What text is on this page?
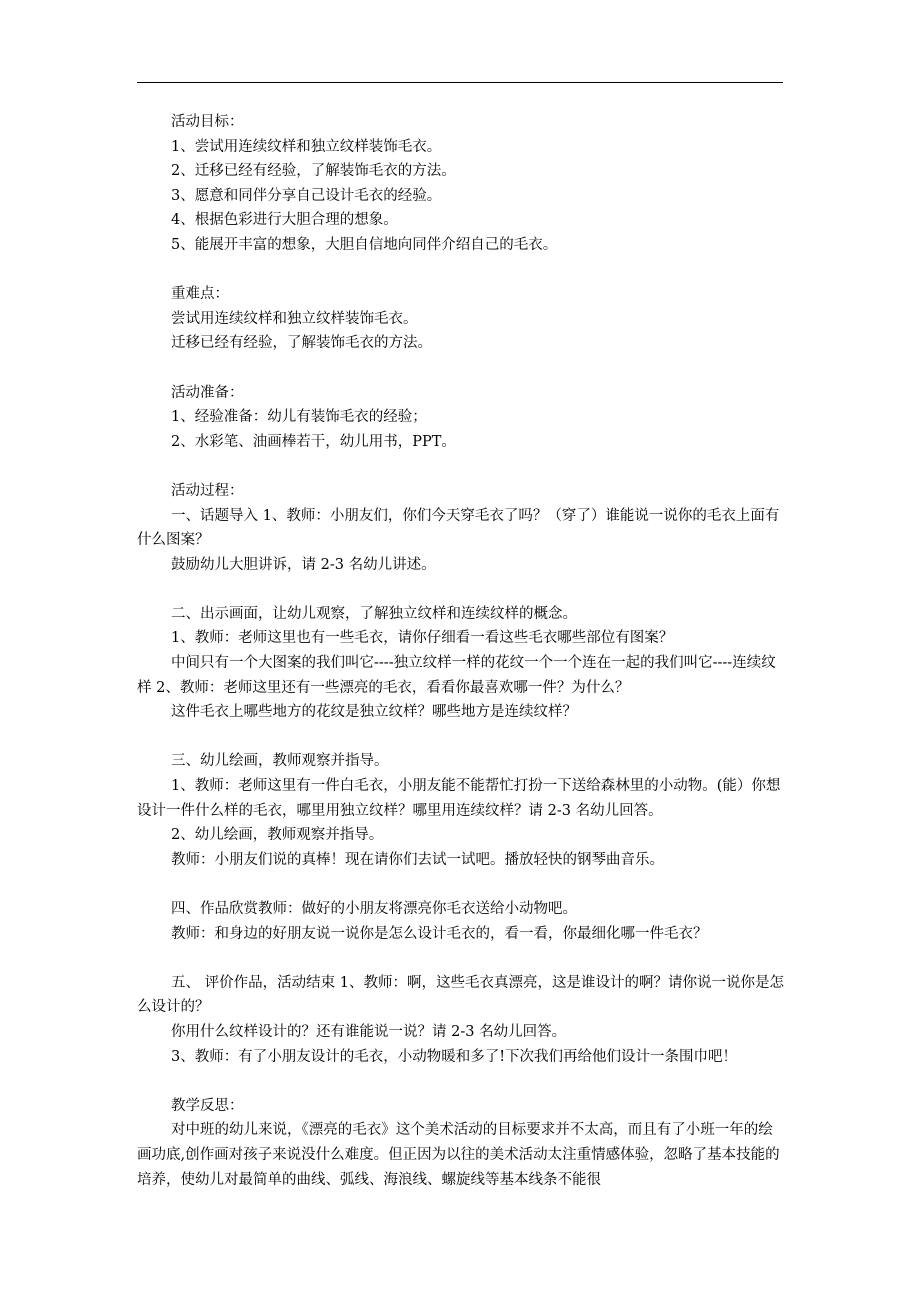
活动目标：

1、尝试用连续纹样和独立纹样装饰毛衣。

2、迁移已经有经验，了解装饰毛衣的方法。

3、愿意和同伴分享自己设计毛衣的经验。

4、根据色彩进行大胆合理的想象。

5、能展开丰富的想象，大胆自信地向同伴介绍自己的毛衣。

重难点：

尝试用连续纹样和独立纹样装饰毛衣。

迁移已经有经验，了解装饰毛衣的方法。

活动准备：

1、经验准备：幼儿有装饰毛衣的经验；

2、水彩笔、油画棒若干，幼儿用书，PPT。

活动过程：

一、话题导入 1、教师：小朋友们，你们今天穿毛衣了吗？（穿了）谁能说一说你的毛衣上面有什么图案？

鼓励幼儿大胆讲诉，请 2-3 名幼儿讲述。

二、出示画面，让幼儿观察，了解独立纹样和连续纹样的概念。

1、教师：老师这里也有一些毛衣，请你仔细看一看这些毛衣哪些部位有图案？

中间只有一个大图案的我们叫它----独立纹样一样的花纹一个一个连在一起的我们叫它----连续纹样 2、教师：老师这里还有一些漂亮的毛衣，看看你最喜欢哪一件？为什么？

这件毛衣上哪些地方的花纹是独立纹样？哪些地方是连续纹样？

三、幼儿绘画，教师观察并指导。

1、教师：老师这里有一件白毛衣，小朋友能不能帮忙打扮一下送给森林里的小动物。(能）你想设计一件什么样的毛衣，哪里用独立纹样？哪里用连续纹样？请 2-3 名幼儿回答。

2、幼儿绘画，教师观察并指导。

教师：小朋友们说的真棒！现在请你们去试一试吧。播放轻快的钢琴曲音乐。

四、作品欣赏教师：做好的小朋友将漂亮你毛衣送给小动物吧。

教师：和身边的好朋友说一说你是怎么设计毛衣的，看一看，你最细化哪一件毛衣？

五、 评价作品，活动结束 1、教师：啊，这些毛衣真漂亮，这是谁设计的啊？请你说一说你是怎么设计的？

你用什么纹样设计的？还有谁能说一说？请 2-3 名幼儿回答。

3、教师：有了小朋友设计的毛衣，小动物暖和多了!下次我们再给他们设计一条围巾吧！

教学反思：

对中班的幼儿来说，《漂亮的毛衣》这个美术活动的目标要求并不太高，而且有了小班一年的绘画功底,创作画对孩子来说没什么难度。但正因为以往的美术活动太注重情感体验，忽略了基本技能的培养，使幼儿对最简单的曲线、弧线、海浪线、螺旋线等基本线条不能很
